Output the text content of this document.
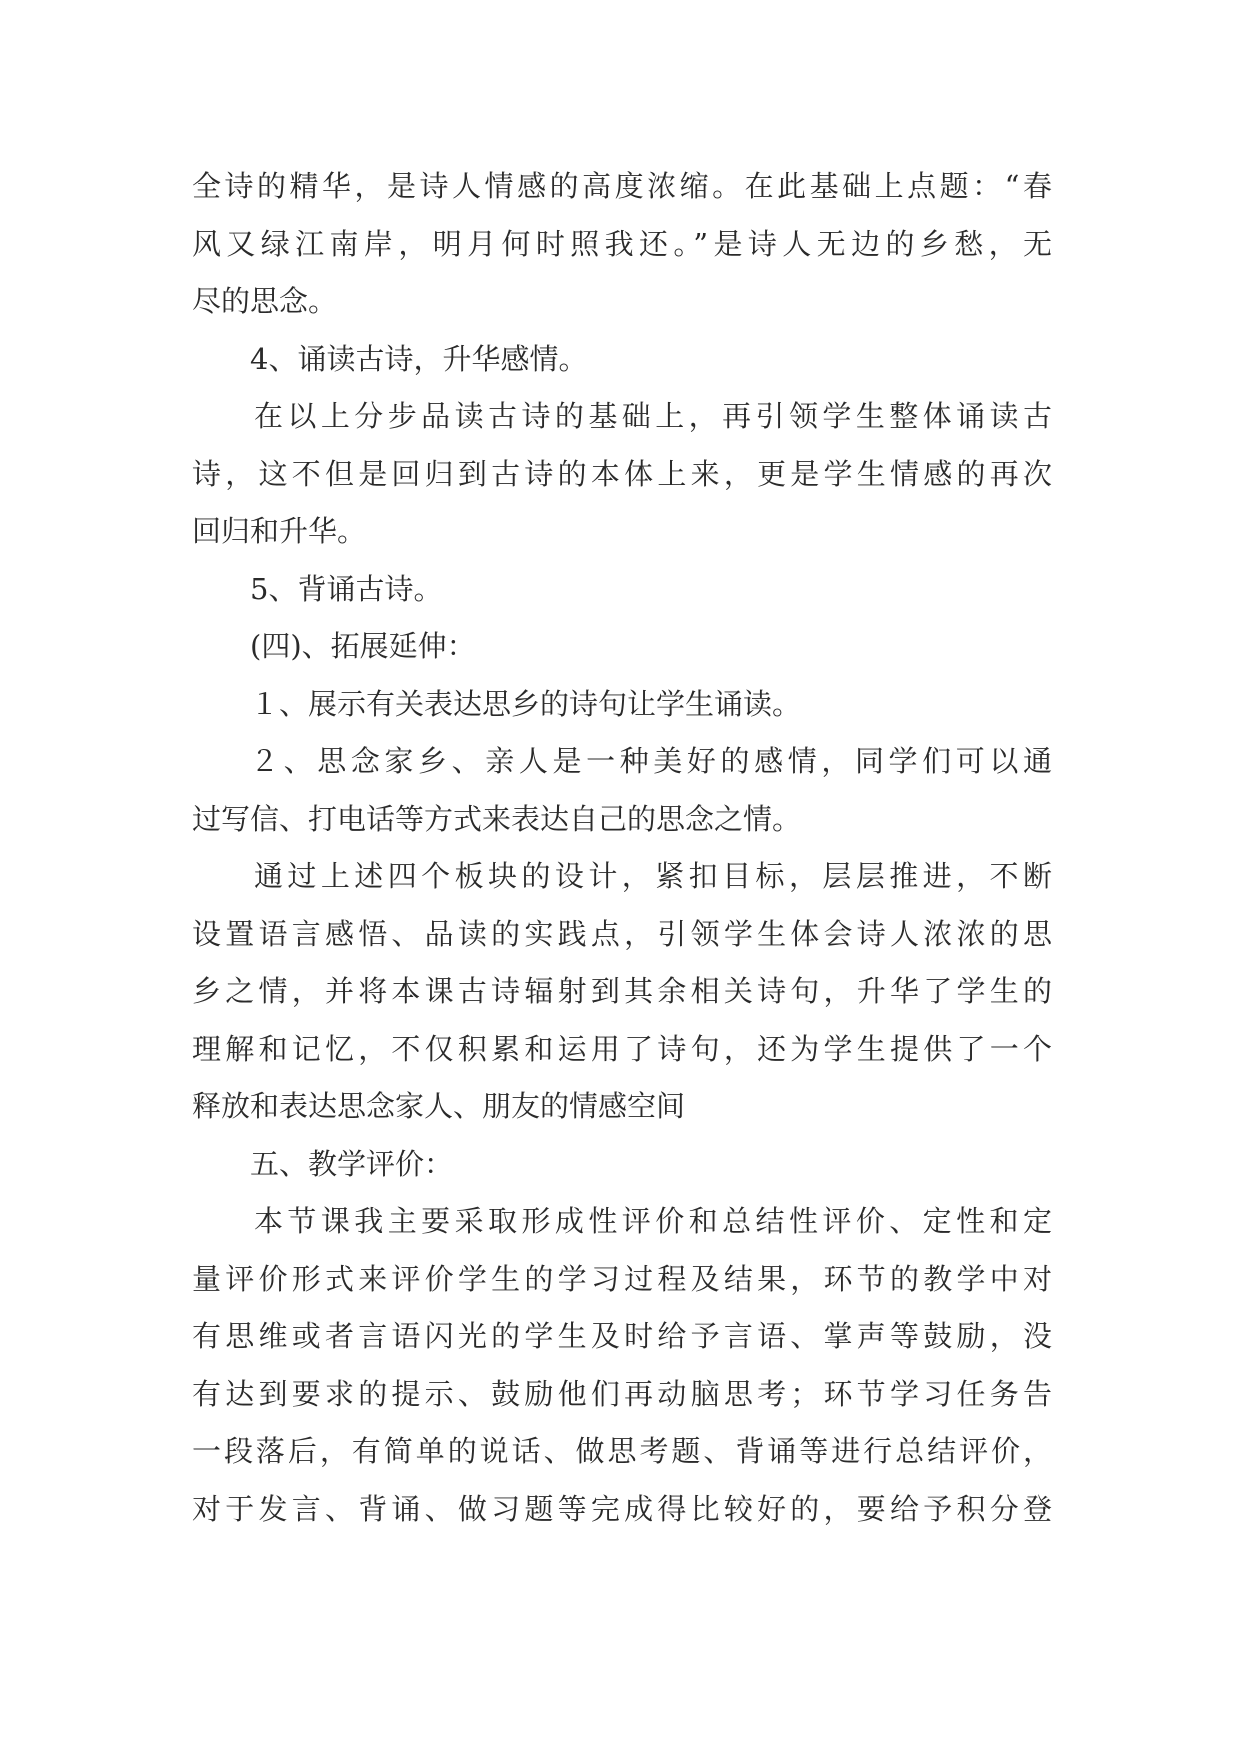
全诗的精华，是诗人情感的高度浓缩。在此基础上点题：“春
风又绿江南岸，明月何时照我还。”是诗人无边的乡愁，无
尽的思念。
4、诵读古诗，升华感情。
在以上分步品读古诗的基础上，再引领学生整体诵读古
诗，这不但是回归到古诗的本体上来，更是学生情感的再次
回归和升华。
5、背诵古诗。
(四)、拓展延伸：
１、展示有关表达思乡的诗句让学生诵读。
２、思念家乡、亲人是一种美好的感情，同学们可以通
过写信、打电话等方式来表达自己的思念之情。
通过上述四个板块的设计，紧扣目标，层层推进，不断
设置语言感悟、品读的实践点，引领学生体会诗人浓浓的思
乡之情，并将本课古诗辐射到其余相关诗句，升华了学生的
理解和记忆，不仅积累和运用了诗句，还为学生提供了一个
释放和表达思念家人、朋友的情感空间
五、教学评价：
本节课我主要采取形成性评价和总结性评价、定性和定
量评价形式来评价学生的学习过程及结果，环节的教学中对
有思维或者言语闪光的学生及时给予言语、掌声等鼓励，没
有达到要求的提示、鼓励他们再动脑思考；环节学习任务告
一段落后，有简单的说话、做思考题、背诵等进行总结评价，
对于发言、背诵、做习题等完成得比较好的，要给予积分登
